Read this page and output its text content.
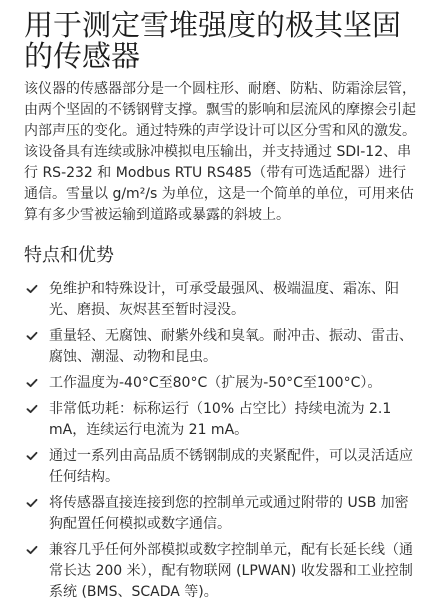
用于测定雪堆强度的极其坚固的传感器

该仪器的传感器部分是一个圆柱形、耐磨、防粘、防霜涂层管，由两个坚固的不锈钢臂支撑。飘雪的影响和层流风的摩擦会引起内部声压的变化。通过特殊的声学设计可以区分雪和风的激发。

该设备具有连续或脉冲模拟电压输出，并支持通过 SDI-12、串行 RS-232 和 Modbus RTU RS485（带有可选适配器）进行通信。雪量以 g/m²/s 为单位，这是一个简单的单位，可用来估算有多少雪被运输到道路或暴露的斜坡上。

特点和优势
免维护和特殊设计，可承受最强风、极端温度、霜冻、阳光、磨损、灰烬甚至暂时浸没。
重量轻、无腐蚀、耐紫外线和臭氧。耐冲击、振动、雷击、腐蚀、潮湿、动物和昆虫。
工作温度为-40°C至80°C（扩展为-50°C至100°C）。
非常低功耗：标称运行（10% 占空比）持续电流为 2.1 mA，连续运行电流为 21 mA。
通过一系列由高品质不锈钢制成的夹紧配件，可以灵活适应任何结构。
将传感器直接连接到您的控制单元或通过附带的 USB 加密狗配置任何模拟或数字通信。
兼容几乎任何外部模拟或数字控制单元，配有长延长线（通常长达 200 米），配有物联网 (LPWAN) 收发器和工业控制系统 (BMS、SCADA 等)。
